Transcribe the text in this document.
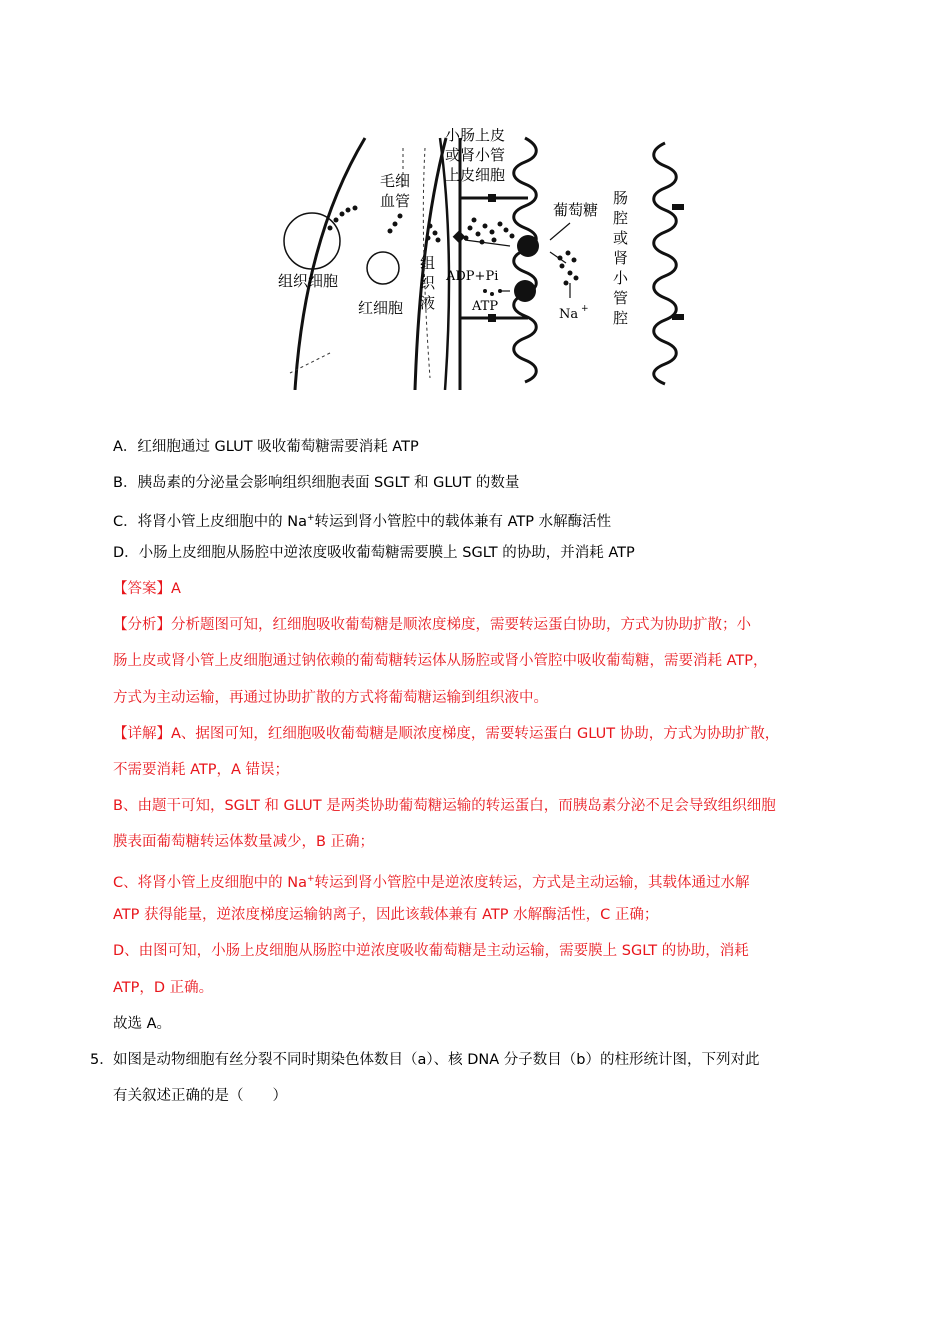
小肠上皮
或肾小管
上皮细胞
毛细
血管	葡萄糖
组织细胞
红细胞
ADP+Pi
ATP
Na +
组
织
液
肠
腔
或
肾
小
管
腔
A．红细胞通过 GLUT 吸收葡萄糖需要消耗 ATP
B．胰岛素的分泌量会影响组织细胞表面 SGLT 和 GLUT 的数量
C．将肾小管上皮细胞中的 Na+转运到肾小管腔中的载体兼有 ATP 水解酶活性
D．小肠上皮细胞从肠腔中逆浓度吸收葡萄糖需要膜上 SGLT 的协助，并消耗 ATP
【答案】A
【分析】分析题图可知，红细胞吸收葡萄糖是顺浓度梯度，需要转运蛋白协助，方式为协助扩散；小
肠上皮或肾小管上皮细胞通过钠依赖的葡萄糖转运体从肠腔或肾小管腔中吸收葡萄糖，需要消耗 ATP，
方式为主动运输，再通过协助扩散的方式将葡萄糖运输到组织液中。
【详解】A、据图可知，红细胞吸收葡萄糖是顺浓度梯度，需要转运蛋白 GLUT 协助，方式为协助扩散，
不需要消耗 ATP，A 错误；
B、由题干可知，SGLT 和 GLUT 是两类协助葡萄糖运输的转运蛋白，而胰岛素分泌不足会导致组织细胞
膜表面葡萄糖转运体数量减少，B 正确；
C、将肾小管上皮细胞中的 Na+转运到肾小管腔中是逆浓度转运，方式是主动运输，其载体通过水解
ATP 获得能量，逆浓度梯度运输钠离子，因此该载体兼有 ATP 水解酶活性，C 正确；
D、由图可知，小肠上皮细胞从肠腔中逆浓度吸收葡萄糖是主动运输，需要膜上 SGLT 的协助，消耗
ATP，D 正确。
故选 A。
5． 如图是动物细胞有丝分裂不同时期染色体数目（a）、核 DNA 分子数目（b）的柱形统计图，下列对此
有关叙述正确的是（　　）
